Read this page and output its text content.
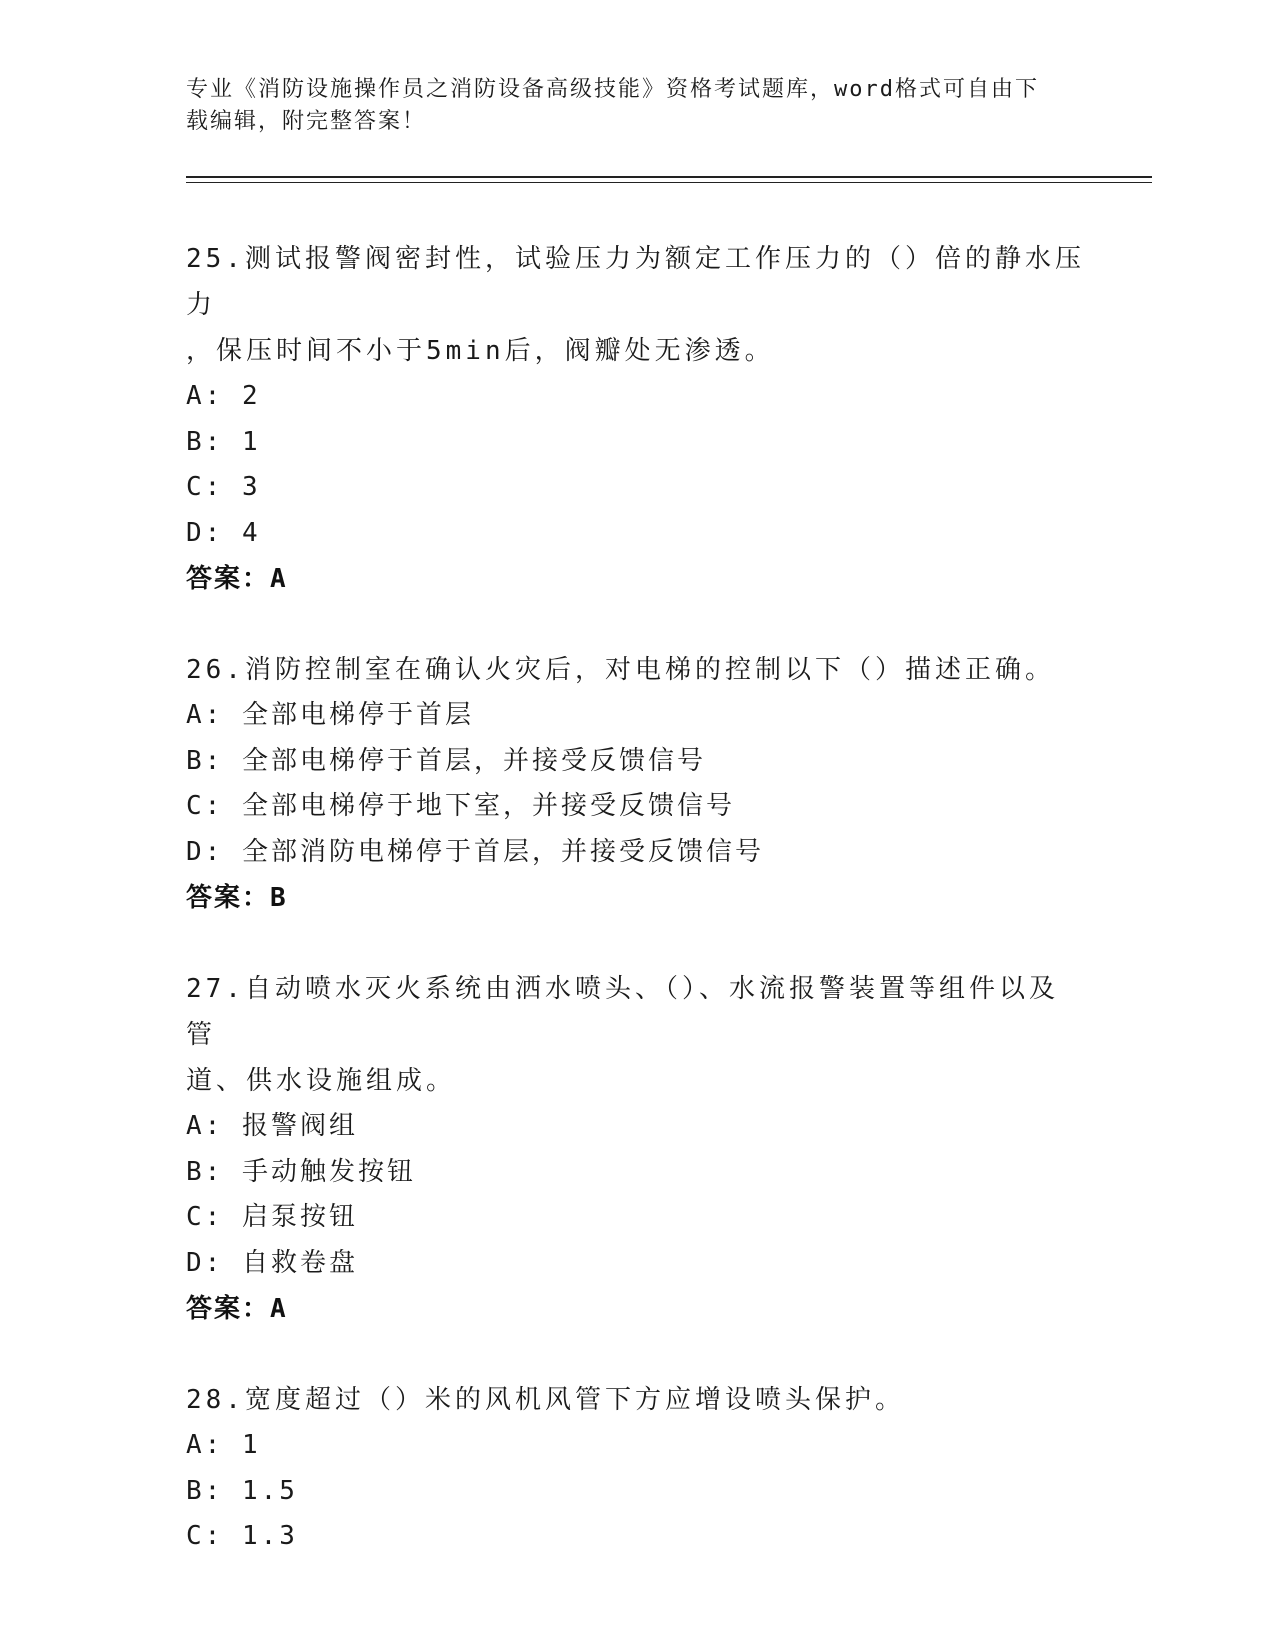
专业《消防设施操作员之消防设备高级技能》资格考试题库，word格式可自由下
载编辑，附完整答案！
25.测试报警阀密封性，试验压力为额定工作压力的（）倍的静水压力
，保压时间不小于5min后，阀瓣处无渗透。
A: 2
B: 1
C: 3
D: 4
答案：A
26.消防控制室在确认火灾后，对电梯的控制以下（）描述正确。
A: 全部电梯停于首层
B: 全部电梯停于首层，并接受反馈信号
C: 全部电梯停于地下室，并接受反馈信号
D: 全部消防电梯停于首层，并接受反馈信号
答案：B
27.自动喷水灭火系统由洒水喷头、（）、水流报警装置等组件以及管
道、供水设施组成。
A: 报警阀组
B: 手动触发按钮
C: 启泵按钮
D: 自救卷盘
答案：A
28.宽度超过（）米的风机风管下方应增设喷头保护。
A: 1
B: 1.5
C: 1.3
